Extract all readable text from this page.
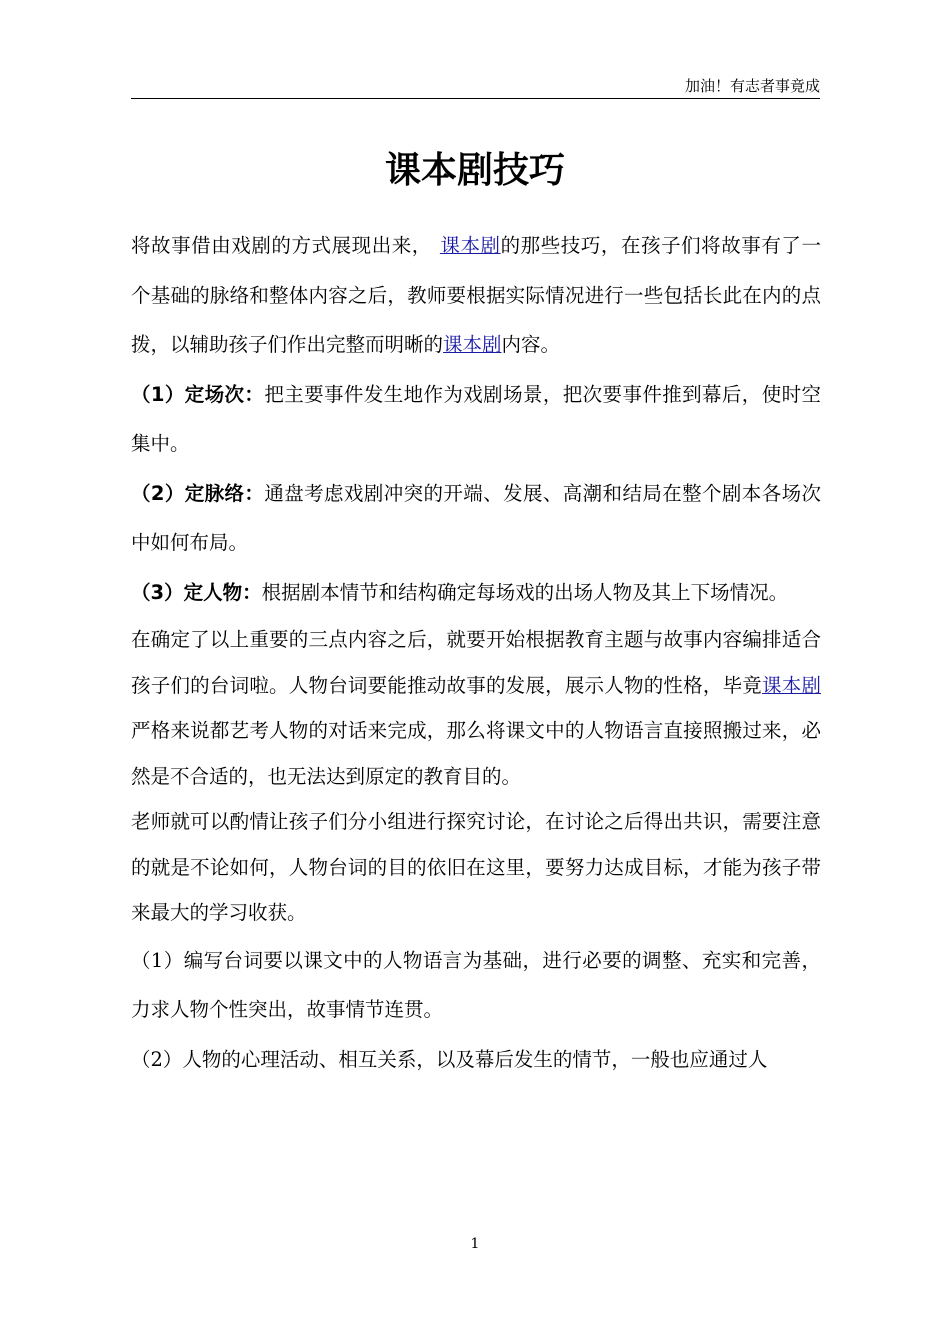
加油！有志者事竟成
课本剧技巧

将故事借由戏剧的方式展现出来， 课本剧的那些技巧，在孩子们将故事有了一个基础的脉络和整体内容之后，教师要根据实际情况进行一些包括长此在内的点拨，以辅助孩子们作出完整而明晰的课本剧内容。

（1）定场次：把主要事件发生地作为戏剧场景，把次要事件推到幕后，使时空集中。

（2）定脉络：通盘考虑戏剧冲突的开端、发展、高潮和结局在整个剧本各场次中如何布局。

（3）定人物：根据剧本情节和结构确定每场戏的出场人物及其上下场情况。

在确定了以上重要的三点内容之后，就要开始根据教育主题与故事内容编排适合孩子们的台词啦。人物台词要能推动故事的发展，展示人物的性格，毕竟课本剧严格来说都艺考人物的对话来完成，那么将课文中的人物语言直接照搬过来，必然是不合适的，也无法达到原定的教育目的。

老师就可以酌情让孩子们分小组进行探究讨论，在讨论之后得出共识，需要注意的就是不论如何，人物台词的目的依旧在这里，要努力达成目标，才能为孩子带来最大的学习收获。

（1）编写台词要以课文中的人物语言为基础，进行必要的调整、充实和完善，力求人物个性突出，故事情节连贯。

（2）人物的心理活动、相互关系，以及幕后发生的情节，一般也应通过人

1
